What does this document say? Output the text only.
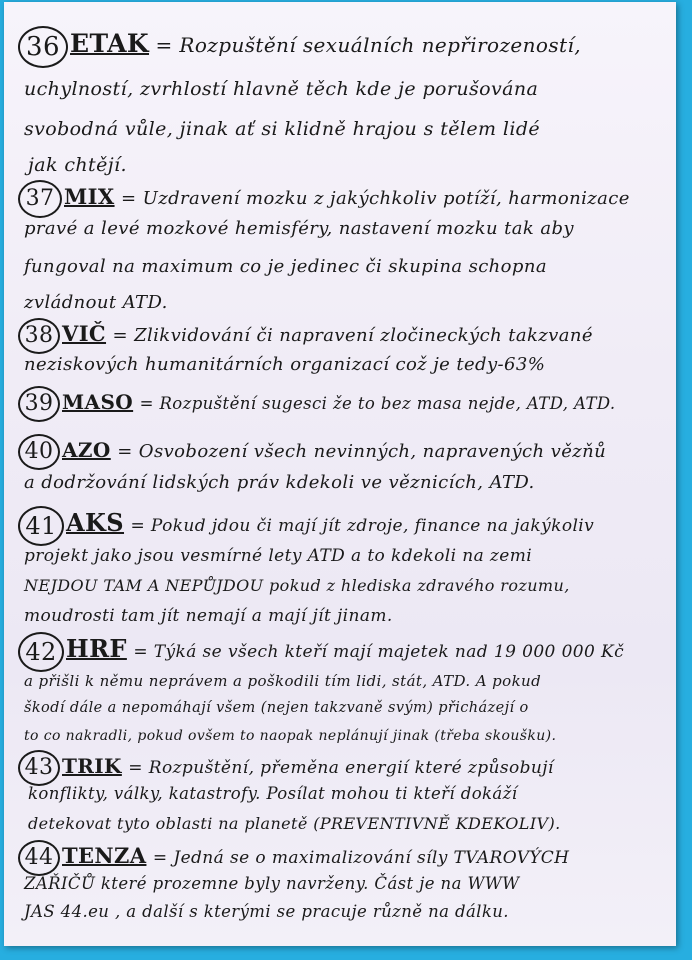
36 ETAK = Rozpuštění sexuálních nepřirozeností,
uchylností, zvrhlostí hlavně těch kde je porušována
svobodná vůle, jinak ať si klidně hrajou s tělem lidé
jak chtějí.
37 MIX = Uzdravení mozku z jakýchkoliv potíží, harmonizace
pravé a levé mozkové hemisféry, nastavení mozku tak aby
fungoval na maximum co je jedinec či skupina schopna
zvládnout ATD.
38 VIČ = Zlikvidování či napravení zločineckých takzvané
neziskových humanitárních organizací což je tedy-63%
39 MASO = Rozpuštění sugesci že to bez masa nejde, ATD, ATD.
40 AZO = Osvobození všech nevinných, napravených vězňů
a dodržování lidských práv kdekoli ve věznicích, ATD.
41 AKS = Pokud jdou či mají jít zdroje, finance na jakýkoliv
projekt jako jsou vesmírné lety ATD a to kdekoli na zemi
NEJDOU TAM A NEPŮJDOU pokud z hlediska zdravého rozumu,
moudrosti tam jít nemají a mají jít jinam.
42 HRF = Týká se všech kteří mají majetek nad 19 000 000 Kč
a přišli k němu neprávem a poškodili tím lidi, stát, ATD. A pokud
škodí dále a nepomáhají všem (nejen takzvaně svým) přicházejí o
to co nakradli, pokud ovšem to naopak neplánují jinak (třeba skoušku).
43 TRIK = Rozpuštění, přeměna energií které způsobují
konflikty, války, katastrofy. Posílat mohou ti kteří dokáží
detekovat tyto oblasti na planetě (PREVENTIVNĚ KDEKOLIV).
44 TENZA = Jedná se o maximalizování síly TVAROVÝCH
ZÁŘIČŮ které prozemne byly navrženy. Část je na WWW
JAS 44.eu , a další s kterými se pracuje různě na dálku.
